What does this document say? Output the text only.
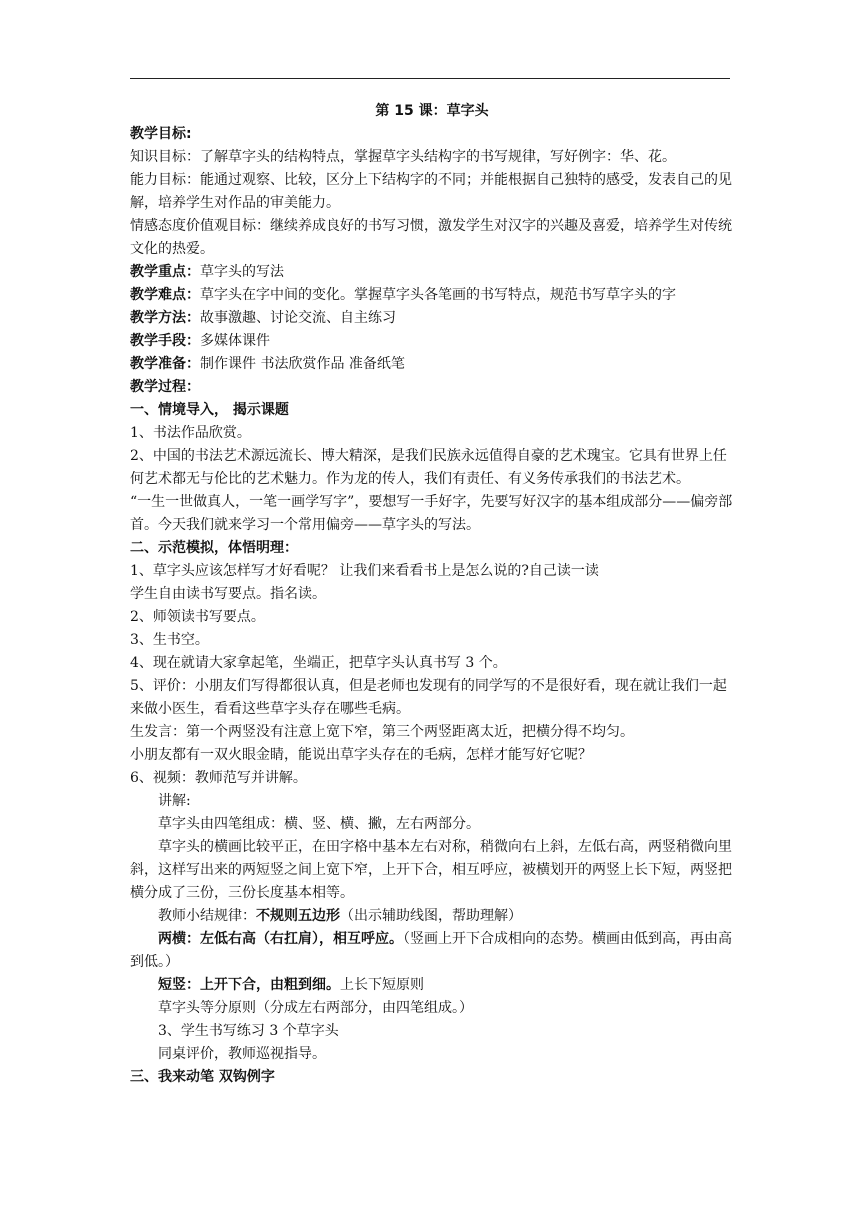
第 15 课：草字头

教学目标:

知识目标：了解草字头的结构特点，掌握草字头结构字的书写规律，写好例字：华、花。

能力目标：能通过观察、比较，区分上下结构字的不同；并能根据自己独特的感受，发表自己的见解，培养学生对作品的审美能力。

情感态度价值观目标：继续养成良好的书写习惯，激发学生对汉字的兴趣及喜爱，培养学生对传统文化的热爱。

教学重点：草字头的写法

教学难点：草字头在字中间的变化。掌握草字头各笔画的书写特点，规范书写草字头的字

教学方法：故事激趣、讨论交流、自主练习

教学手段：多媒体课件

教学准备：制作课件 书法欣赏作品 准备纸笔

教学过程：

一、情境导入， 揭示课题

1、书法作品欣赏。

2、中国的书法艺术源远流长、博大精深，是我们民族永远值得自豪的艺术瑰宝。它具有世界上任何艺术都无与伦比的艺术魅力。作为龙的传人，我们有责任、有义务传承我们的书法艺术。

“一生一世做真人，一笔一画学写字”，要想写一手好字，先要写好汉字的基本组成部分——偏旁部首。今天我们就来学习一个常用偏旁——草字头的写法。

二、示范模拟，体悟明理：

1、草字头应该怎样写才好看呢？ 让我们来看看书上是怎么说的?自己读一读

学生自由读书写要点。指名读。

2、师领读书写要点。

3、生书空。

4、现在就请大家拿起笔，坐端正，把草字头认真书写 3 个。

5、评价：小朋友们写得都很认真，但是老师也发现有的同学写的不是很好看，现在就让我们一起来做小医生，看看这些草字头存在哪些毛病。

生发言：第一个两竖没有注意上宽下窄，第三个两竖距离太近，把横分得不均匀。

小朋友都有一双火眼金睛，能说出草字头存在的毛病，怎样才能写好它呢？

6、视频：教师范写并讲解。

讲解:

草字头由四笔组成：横、竖、横、撇，左右两部分。

草字头的横画比较平正，在田字格中基本左右对称，稍微向右上斜，左低右高，两竖稍微向里斜，这样写出来的两短竖之间上宽下窄，上开下合，相互呼应，被横划开的两竖上长下短，两竖把横分成了三份，三份长度基本相等。

教师小结规律：不规则五边形（出示辅助线图，帮助理解）

两横：左低右高（右扛肩），相互呼应。（竖画上开下合成相向的态势。横画由低到高，再由高到低。）

短竖：上开下合，由粗到细。上长下短原则

草字头等分原则（分成左右两部分，由四笔组成。）

3、学生书写练习 3 个草字头

同桌评价，教师巡视指导。

三、我来动笔 双钩例字
